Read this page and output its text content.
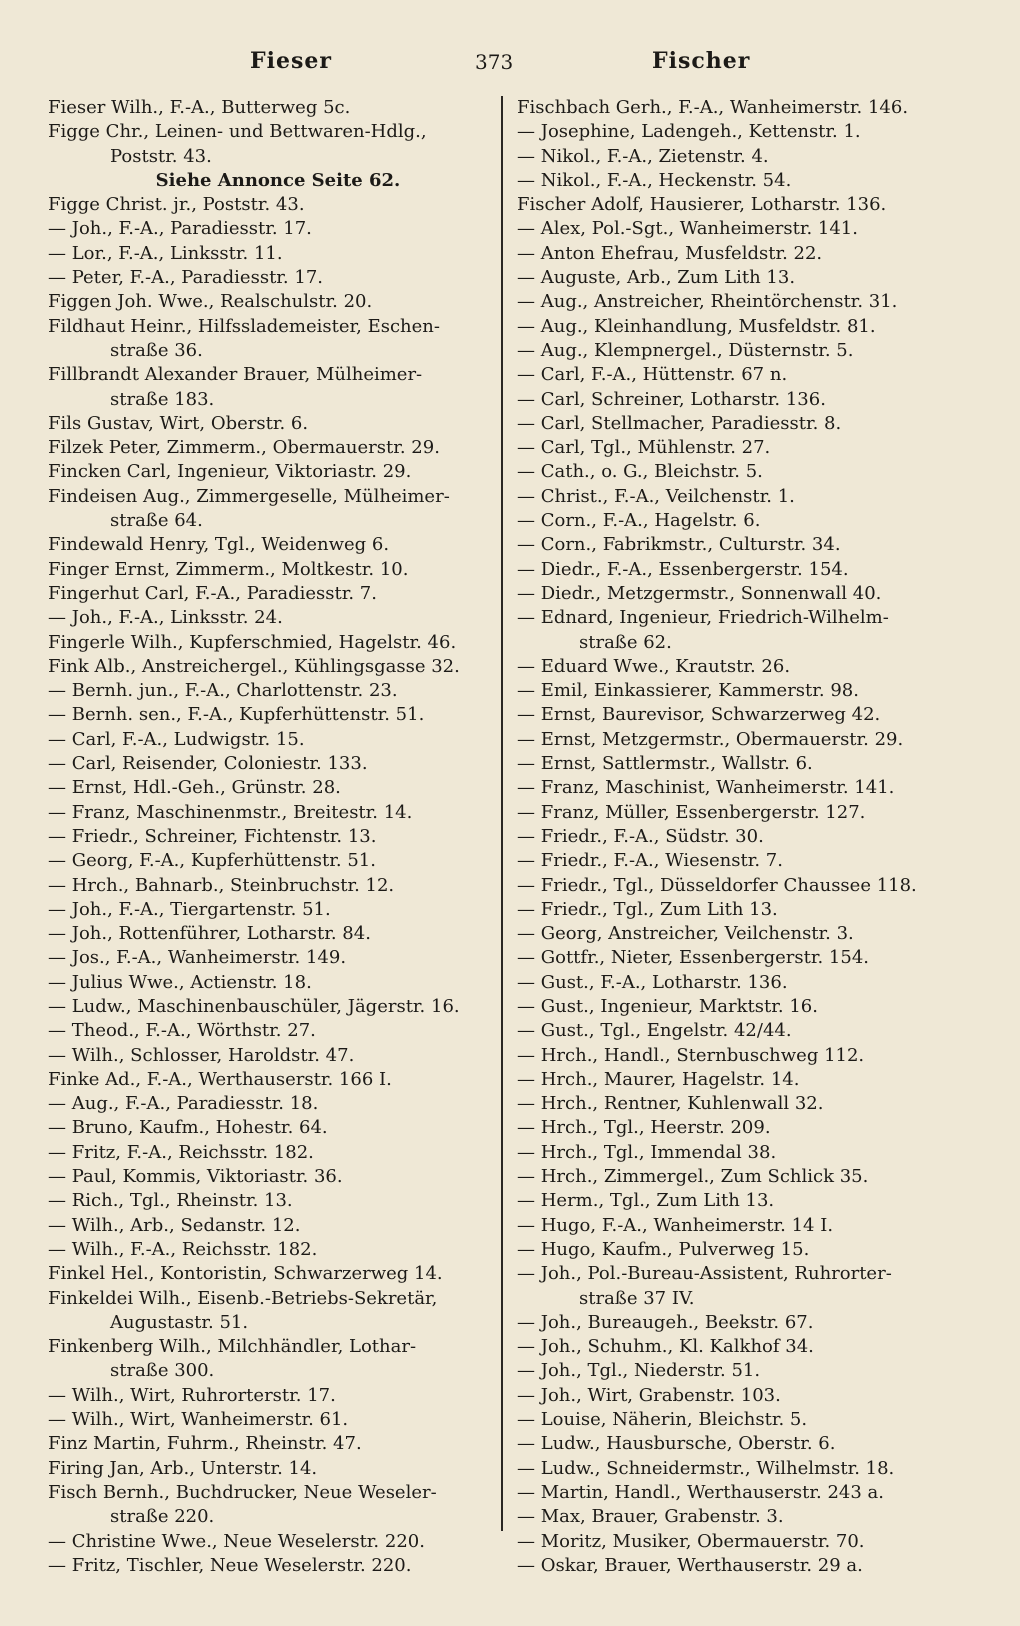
Fieser	373	Fischer
Fieser Wilh., F.-A., Butterweg 5c.
Figge Chr., Leinen- und Bettwaren-Hdlg.,
Poststr. 43.
Siehe Annonce Seite 62.
Figge Christ. jr., Poststr. 43.
— Joh., F.-A., Paradiesstr. 17.
— Lor., F.-A., Linksstr. 11.
— Peter, F.-A., Paradiesstr. 17.
Figgen Joh. Wwe., Realschulstr. 20.
Fildhaut Heinr., Hilfsslademeister, Eschen-
straße 36.
Fillbrandt Alexander Brauer, Mülheimer-
straße 183.
Fils Gustav, Wirt, Oberstr. 6.
Filzek Peter, Zimmerm., Obermauerstr. 29.
Fincken Carl, Ingenieur, Viktoriastr. 29.
Findeisen Aug., Zimmergeselle, Mülheimer-
straße 64.
Findewald Henry, Tgl., Weidenweg 6.
Finger Ernst, Zimmerm., Moltkestr. 10.
Fingerhut Carl, F.-A., Paradiesstr. 7.
— Joh., F.-A., Linksstr. 24.
Fingerle Wilh., Kupferschmied, Hagelstr. 46.
Fink Alb., Anstreichergel., Kühlingsgasse 32.
— Bernh. jun., F.-A., Charlottenstr. 23.
— Bernh. sen., F.-A., Kupferhüttenstr. 51.
— Carl, F.-A., Ludwigstr. 15.
— Carl, Reisender, Coloniestr. 133.
— Ernst, Hdl.-Geh., Grünstr. 28.
— Franz, Maschinenmstr., Breitestr. 14.
— Friedr., Schreiner, Fichtenstr. 13.
— Georg, F.-A., Kupferhüttenstr. 51.
— Hrch., Bahnarb., Steinbruchstr. 12.
— Joh., F.-A., Tiergartenstr. 51.
— Joh., Rottenführer, Lotharstr. 84.
— Jos., F.-A., Wanheimerstr. 149.
— Julius Wwe., Actienstr. 18.
— Ludw., Maschinenbauschüler, Jägerstr. 16.
— Theod., F.-A., Wörthstr. 27.
— Wilh., Schlosser, Haroldstr. 47.
Finke Ad., F.-A., Werthauserstr. 166 I.
— Aug., F.-A., Paradiesstr. 18.
— Bruno, Kaufm., Hohestr. 64.
— Fritz, F.-A., Reichsstr. 182.
— Paul, Kommis, Viktoriastr. 36.
— Rich., Tgl., Rheinstr. 13.
— Wilh., Arb., Sedanstr. 12.
— Wilh., F.-A., Reichsstr. 182.
Finkel Hel., Kontoristin, Schwarzerweg 14.
Finkeldei Wilh., Eisenb.-Betriebs-Sekretär,
Augustastr. 51.
Finkenberg Wilh., Milchhändler, Lothar-
straße 300.
— Wilh., Wirt, Ruhrorterstr. 17.
— Wilh., Wirt, Wanheimerstr. 61.
Finz Martin, Fuhrm., Rheinstr. 47.
Firing Jan, Arb., Unterstr. 14.
Fisch Bernh., Buchdrucker, Neue Weseler-
straße 220.
— Christine Wwe., Neue Weselerstr. 220.
— Fritz, Tischler, Neue Weselerstr. 220.
Fischbach Gerh., F.-A., Wanheimerstr. 146.
— Josephine, Ladengeh., Kettenstr. 1.
— Nikol., F.-A., Zietenstr. 4.
— Nikol., F.-A., Heckenstr. 54.
Fischer Adolf, Hausierer, Lotharstr. 136.
— Alex, Pol.-Sgt., Wanheimerstr. 141.
— Anton Ehefrau, Musfeldstr. 22.
— Auguste, Arb., Zum Lith 13.
— Aug., Anstreicher, Rheintörchenstr. 31.
— Aug., Kleinhandlung, Musfeldstr. 81.
— Aug., Klempnergel., Düsternstr. 5.
— Carl, F.-A., Hüttenstr. 67 n.
— Carl, Schreiner, Lotharstr. 136.
— Carl, Stellmacher, Paradiesstr. 8.
— Carl, Tgl., Mühlenstr. 27.
— Cath., o. G., Bleichstr. 5.
— Christ., F.-A., Veilchenstr. 1.
— Corn., F.-A., Hagelstr. 6.
— Corn., Fabrikmstr., Culturstr. 34.
— Diedr., F.-A., Essenbergerstr. 154.
— Diedr., Metzgermstr., Sonnenwall 40.
— Ednard, Ingenieur, Friedrich-Wilhelm-
straße 62.
— Eduard Wwe., Krautstr. 26.
— Emil, Einkassierer, Kammerstr. 98.
— Ernst, Baurevisor, Schwarzerweg 42.
— Ernst, Metzgermstr., Obermauerstr. 29.
— Ernst, Sattlermstr., Wallstr. 6.
— Franz, Maschinist, Wanheimerstr. 141.
— Franz, Müller, Essenbergerstr. 127.
— Friedr., F.-A., Südstr. 30.
— Friedr., F.-A., Wiesenstr. 7.
— Friedr., Tgl., Düsseldorfer Chaussee 118.
— Friedr., Tgl., Zum Lith 13.
— Georg, Anstreicher, Veilchenstr. 3.
— Gottfr., Nieter, Essenbergerstr. 154.
— Gust., F.-A., Lotharstr. 136.
— Gust., Ingenieur, Marktstr. 16.
— Gust., Tgl., Engelstr. 42/44.
— Hrch., Handl., Sternbuschweg 112.
— Hrch., Maurer, Hagelstr. 14.
— Hrch., Rentner, Kuhlenwall 32.
— Hrch., Tgl., Heerstr. 209.
— Hrch., Tgl., Immendal 38.
— Hrch., Zimmergel., Zum Schlick 35.
— Herm., Tgl., Zum Lith 13.
— Hugo, F.-A., Wanheimerstr. 14 I.
— Hugo, Kaufm., Pulverweg 15.
— Joh., Pol.-Bureau-Assistent, Ruhrorter-
straße 37 IV.
— Joh., Bureaugeh., Beekstr. 67.
— Joh., Schuhm., Kl. Kalkhof 34.
— Joh., Tgl., Niederstr. 51.
— Joh., Wirt, Grabenstr. 103.
— Louise, Näherin, Bleichstr. 5.
— Ludw., Hausbursche, Oberstr. 6.
— Ludw., Schneidermstr., Wilhelmstr. 18.
— Martin, Handl., Werthauserstr. 243 a.
— Max, Brauer, Grabenstr. 3.
— Moritz, Musiker, Obermauerstr. 70.
— Oskar, Brauer, Werthauserstr. 29 a.
